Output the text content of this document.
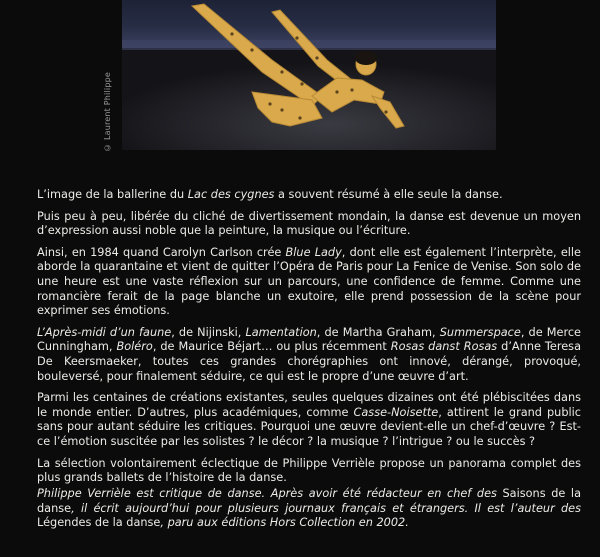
© Laurent Philippe

L’image de la ballerine du Lac des cygnes a souvent résumé à elle seule la danse.

Puis peu à peu, libérée du cliché de divertissement mondain, la danse est devenue un moyen d’expression aussi noble que la peinture, la musique ou l’écriture.

Ainsi, en 1984 quand Carolyn Carlson crée Blue Lady, dont elle est également l’interprète, elle aborde la quarantaine et vient de quitter l’Opéra de Paris pour La Fenice de Venise. Son solo de une heure est une vaste réflexion sur un parcours, une confidence de femme. Comme une romancière ferait de la page blanche un exutoire, elle prend possession de la scène pour exprimer ses émotions.

L’Après-midi d’un faune, de Nijinski, Lamentation, de Martha Graham, Summerspace, de Merce Cunningham, Boléro, de Maurice Béjart… ou plus récemment Rosas danst Rosas d’Anne Teresa De Keersmaeker, toutes ces grandes chorégraphies ont innové, dérangé, provoqué, bouleversé, pour finalement séduire, ce qui est le propre d’une œuvre d’art.

Parmi les centaines de créations existantes, seules quelques dizaines ont été plébiscitées dans le monde entier. D’autres, plus académiques, comme Casse-Noisette, attirent le grand public sans pour autant séduire les critiques. Pourquoi une œuvre devient-elle un chef-d’œuvre ? Est-ce l’émotion suscitée par les solistes ? le décor ? la musique ? l’intrigue ? ou le succès ?

La sélection volontairement éclectique de Philippe Verrièle propose un panorama complet des plus grands ballets de l’histoire de la danse.

Philippe Verrièle est critique de danse. Après avoir été rédacteur en chef des Saisons de la danse, il écrit aujourd’hui pour plusieurs journaux français et étrangers. Il est l’auteur des Légendes de la danse, paru aux éditions Hors Collection en 2002.
